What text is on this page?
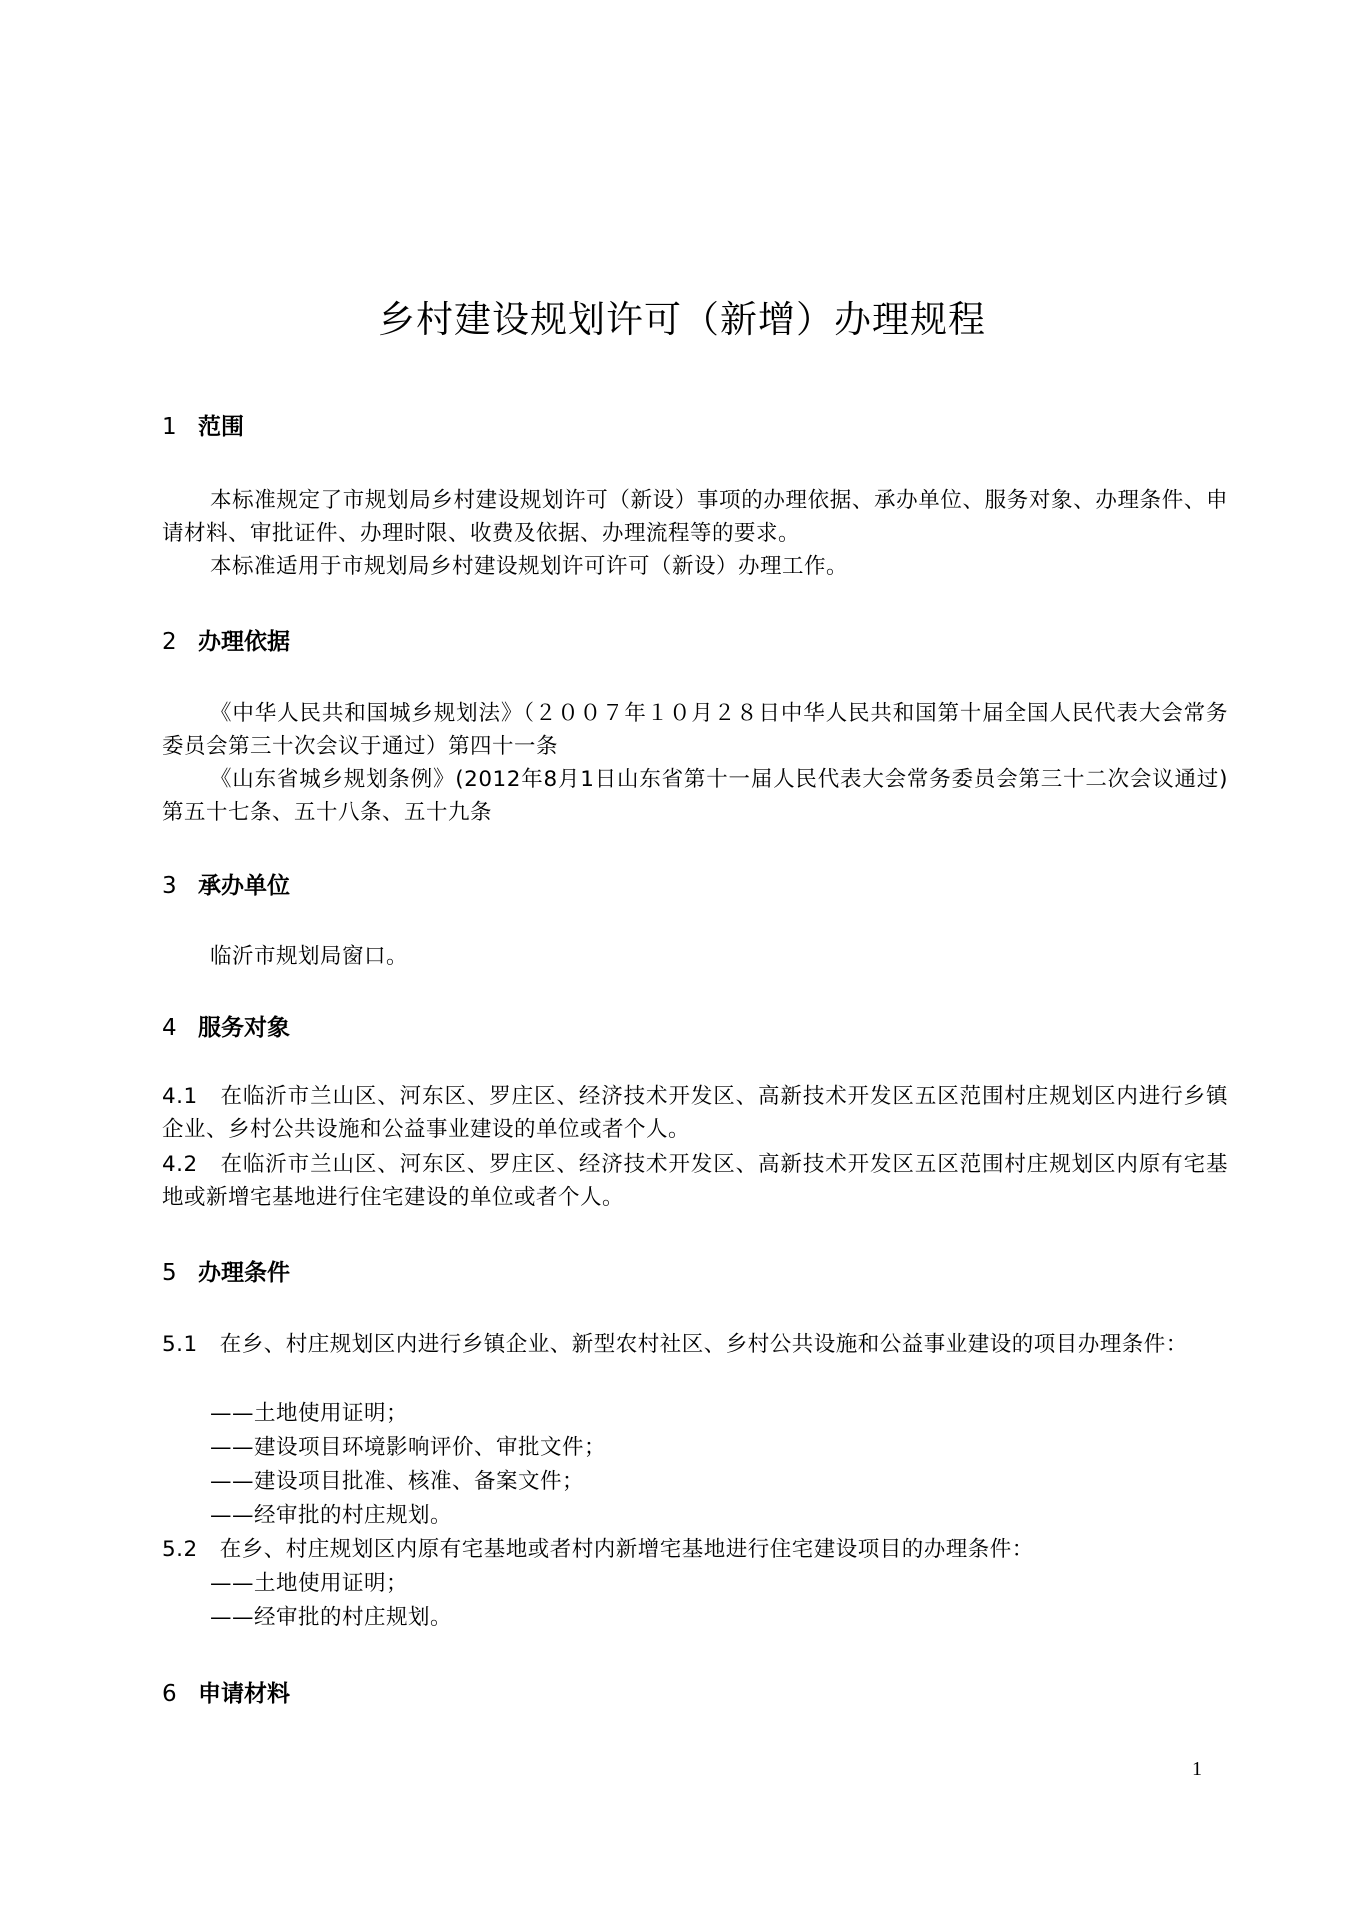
乡村建设规划许可（新增）办理规程
1 范围
本标准规定了市规划局乡村建设规划许可（新设）事项的办理依据、承办单位、服务对象、办理条件、申请材料、审批证件、办理时限、收费及依据、办理流程等的要求。
本标准适用于市规划局乡村建设规划许可许可（新设）办理工作。
2 办理依据
《中华人民共和国城乡规划法》（２００７年１０月２８日中华人民共和国第十届全国人民代表大会常务委员会第三十次会议于通过）第四十一条
《山东省城乡规划条例》(2012年8月1日山东省第十一届人民代表大会常务委员会第三十二次会议通过)第五十七条、五十八条、五十九条
3 承办单位
临沂市规划局窗口。
4 服务对象
4.1　在临沂市兰山区、河东区、罗庄区、经济技术开发区、高新技术开发区五区范围村庄规划区内进行乡镇企业、乡村公共设施和公益事业建设的单位或者个人。
4.2　在临沂市兰山区、河东区、罗庄区、经济技术开发区、高新技术开发区五区范围村庄规划区内原有宅基地或新增宅基地进行住宅建设的单位或者个人。
5 办理条件
5.1　在乡、村庄规划区内进行乡镇企业、新型农村社区、乡村公共设施和公益事业建设的项目办理条件：
——土地使用证明；
——建设项目环境影响评价、审批文件；
——建设项目批准、核准、备案文件；
——经审批的村庄规划。
5.2　在乡、村庄规划区内原有宅基地或者村内新增宅基地进行住宅建设项目的办理条件：
——土地使用证明；
——经审批的村庄规划。
6 申请材料
1
